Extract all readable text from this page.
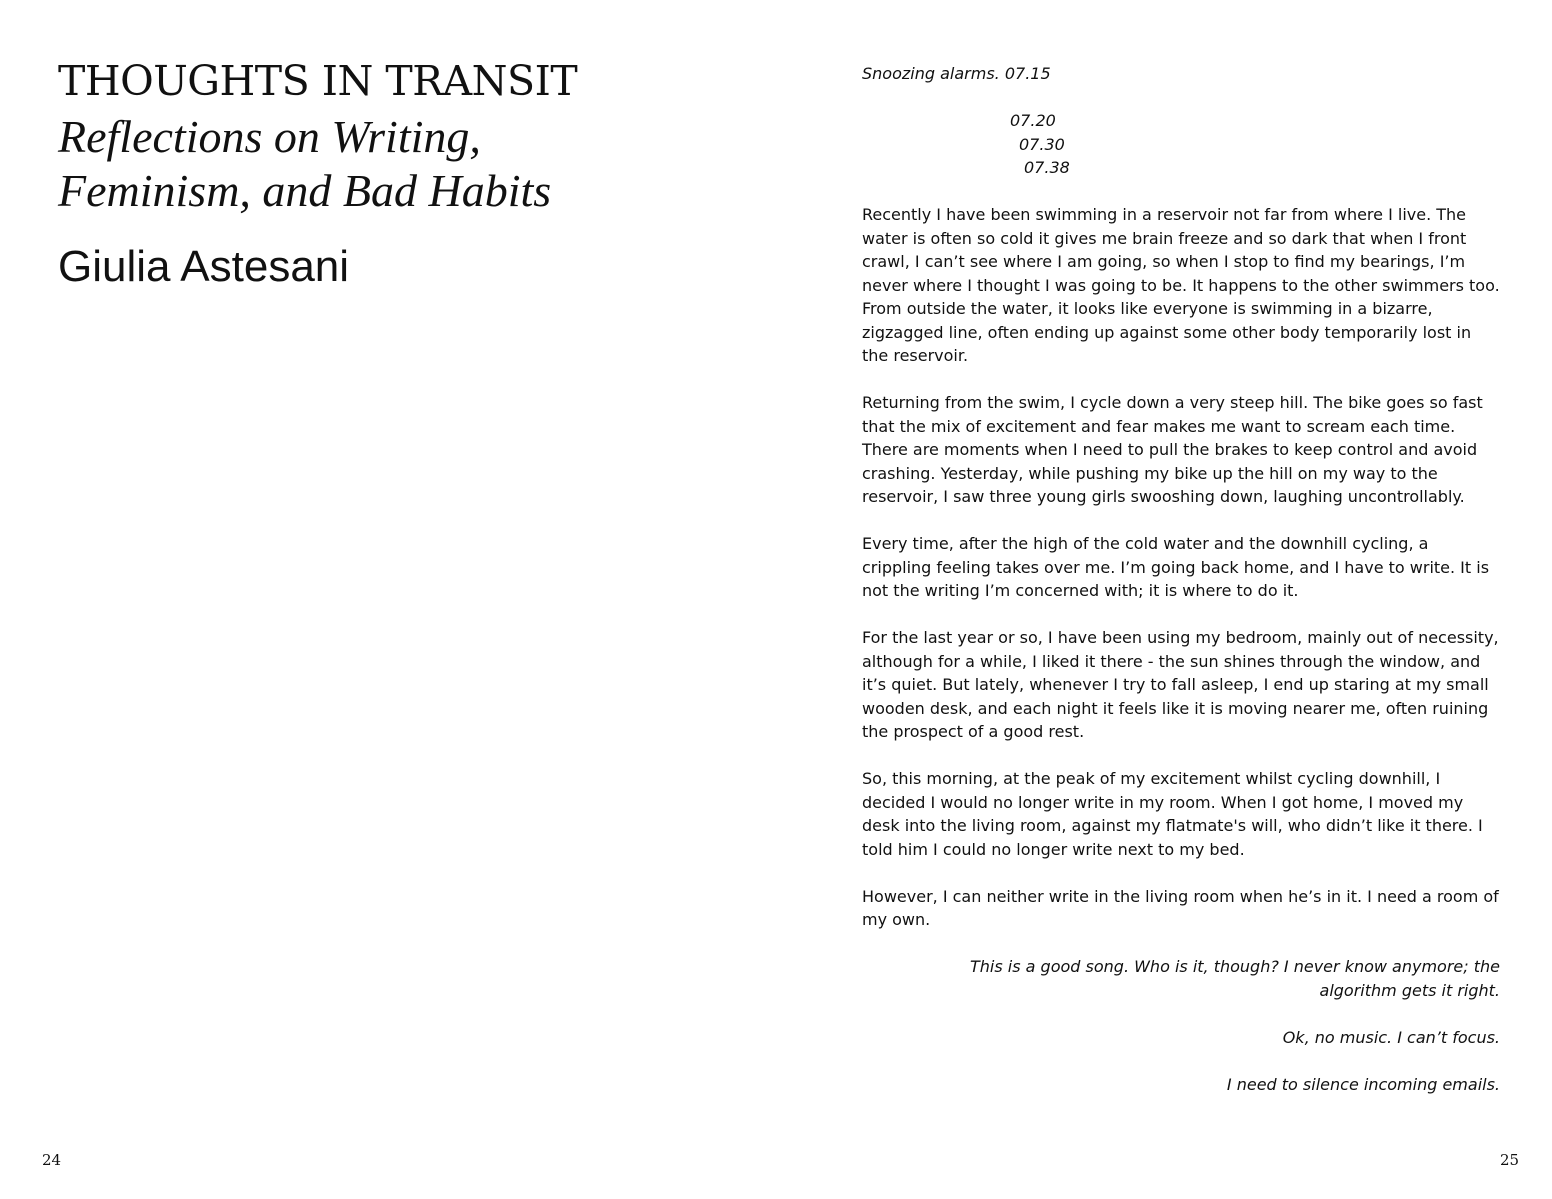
THOUGHTS IN TRANSIT
Reflections on Writing, Feminism, and Bad Habits
Giulia Astesani
24

Snoozing alarms. 07.15

07.20
07.30
07.38

Recently I have been swimming in a reservoir not far from where I live. The water is often so cold it gives me brain freeze and so dark that when I front crawl, I can’t see where I am going, so when I stop to find my bearings, I’m never where I thought I was going to be. It happens to the other swimmers too. From outside the water, it looks like everyone is swimming in a bizarre, zigzagged line, often ending up against some other body temporarily lost in the reservoir.

Returning from the swim, I cycle down a very steep hill. The bike goes so fast that the mix of excitement and fear makes me want to scream each time. There are moments when I need to pull the brakes to keep control and avoid crashing. Yesterday, while pushing my bike up the hill on my way to the reservoir, I saw three young girls swooshing down, laughing uncontrollably.

Every time, after the high of the cold water and the downhill cycling, a crippling feeling takes over me. I’m going back home, and I have to write. It is not the writing I’m concerned with; it is where to do it.

For the last year or so, I have been using my bedroom, mainly out of necessity, although for a while, I liked it there - the sun shines through the window, and it’s quiet. But lately, whenever I try to fall asleep, I end up staring at my small wooden desk, and each night it feels like it is moving nearer me, often ruining the prospect of a good rest.

So, this morning, at the peak of my excitement whilst cycling downhill, I decided I would no longer write in my room. When I got home, I moved my desk into the living room, against my flatmate's will, who didn’t like it there. I told him I could no longer write next to my bed.

However, I can neither write in the living room when he’s in it. I need a room of my own.

This is a good song. Who is it, though? I never know anymore; the algorithm gets it right.

Ok, no music. I can’t focus.

I need to silence incoming emails.

25
